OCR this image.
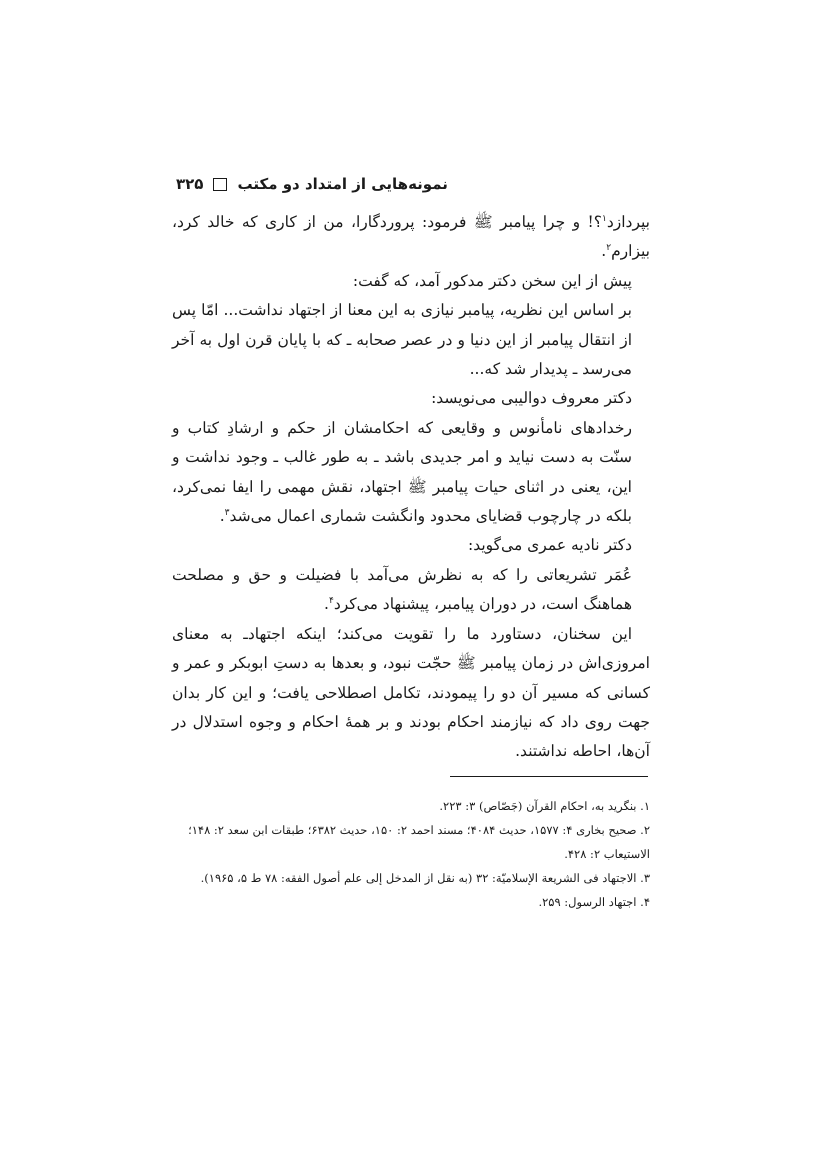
نمونه‌هایی از امتداد دو مکتب
۳۲۵

بپردازد$^۱$؟! و چرا پیامبر ﷺ فرمود: پروردگارا، من از کاری که خالد کرد، بیزارم$^۲$.

پیش از این سخن دکتر مدکور آمد، که گفت:

بر اساس این نظریه، پیامبر نیازی به این معنا از اجتهاد نداشت... امّا پس از انتقال پیامبر از این دنیا و در عصر صحابه ـ که با پایان قرن اول به آخر می‌رسد ـ پدیدار شد که...

دکتر معروف دوالیبی می‌نویسد:

رخدادهای نامأنوس و وقایعی که احکامشان از حکم و ارشادِ کتاب و سنّت به دست نیاید و امر جدیدی باشد ـ به طور غالب ـ وجود نداشت و این، یعنی در اثنای حیات پیامبر ﷺ اجتهاد، نقش مهمی را ایفا نمی‌کرد، بلکه در چارچوب قضایای محدود وانگشت شماری اعمال می‌شد$^۳$.

دکتر نادیه عمری می‌گوید:

عُمَر تشریعاتی را که به نظرش می‌آمد با فضیلت و حق و مصلحت هماهنگ است، در دوران پیامبر، پیشنهاد می‌کرد$^۴$.

این سخنان، دستاورد ما را تقویت می‌کند؛ اینکه اجتهادـ به معنای امروزی‌اش در زمان پیامبر ﷺ حجّت نبود، و بعدها به دستِ ابوبکر و عمر و کسانی که مسیر آن دو را پیمودند، تکامل اصطلاحی یافت؛ و این کار بدان جهت روی داد که نیازمند احکام بودند و بر همهٔ احکام و وجوه استدلال در آن‌ها، احاطه نداشتند.

۱. بنگرید به، احکام القرآن (جَصّاص) ۳: ۲۲۳.

۲. صحیح بخاری ۴: ۱۵۷۷، حدیث ۴۰۸۴؛ مسند احمد ۲: ۱۵۰، حدیث ۶۳۸۲؛ طبقات ابن سعد ۲: ۱۴۸؛ الاستیعاب ۲: ۴۲۸.

۳. الاجتهاد فی الشریعة الإسلامیّة: ۳۲ (به نقل از المدخل إلی علم أصول الفقه: ۷۸ ط ۵، ۱۹۶۵).

۴. اجتهاد الرسول: ۲۵۹.
